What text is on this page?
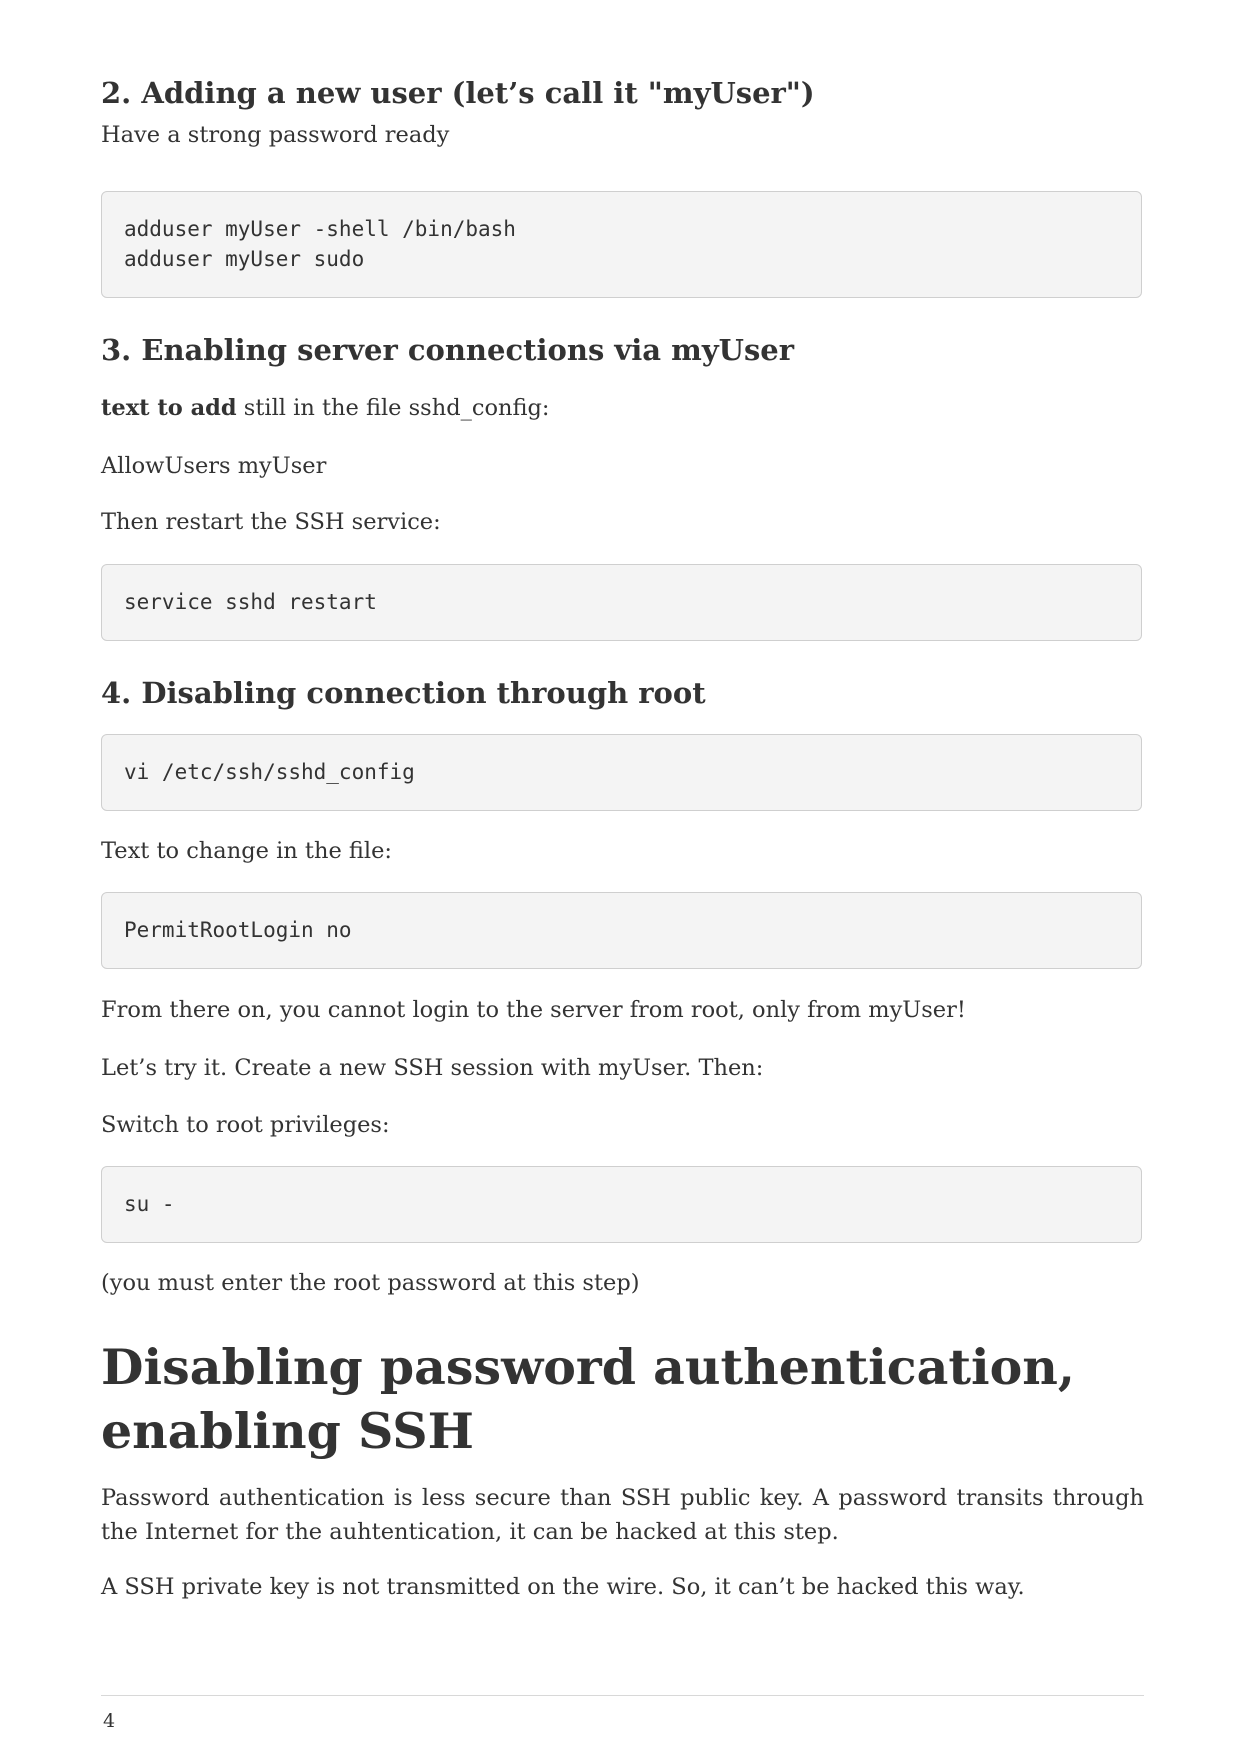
2. Adding a new user (let’s call it "myUser")

Have a strong password ready

adduser myUser -shell /bin/bash
adduser myUser sudo
3. Enabling server connections via myUser

text to add still in the file sshd_config:

AllowUsers myUser

Then restart the SSH service:

service sshd restart
4. Disabling connection through root
vi /etc/ssh/sshd_config

Text to change in the file:

PermitRootLogin no

From there on, you cannot login to the server from root, only from myUser!

Let’s try it. Create a new SSH session with myUser. Then:

Switch to root privileges:

su -

(you must enter the root password at this step)

Disabling password authentication, enabling SSH

Password authentication is less secure than SSH public key. A password transits through the Internet for the auhtentication, it can be hacked at this step.

A SSH private key is not transmitted on the wire. So, it can’t be hacked this way.

4
